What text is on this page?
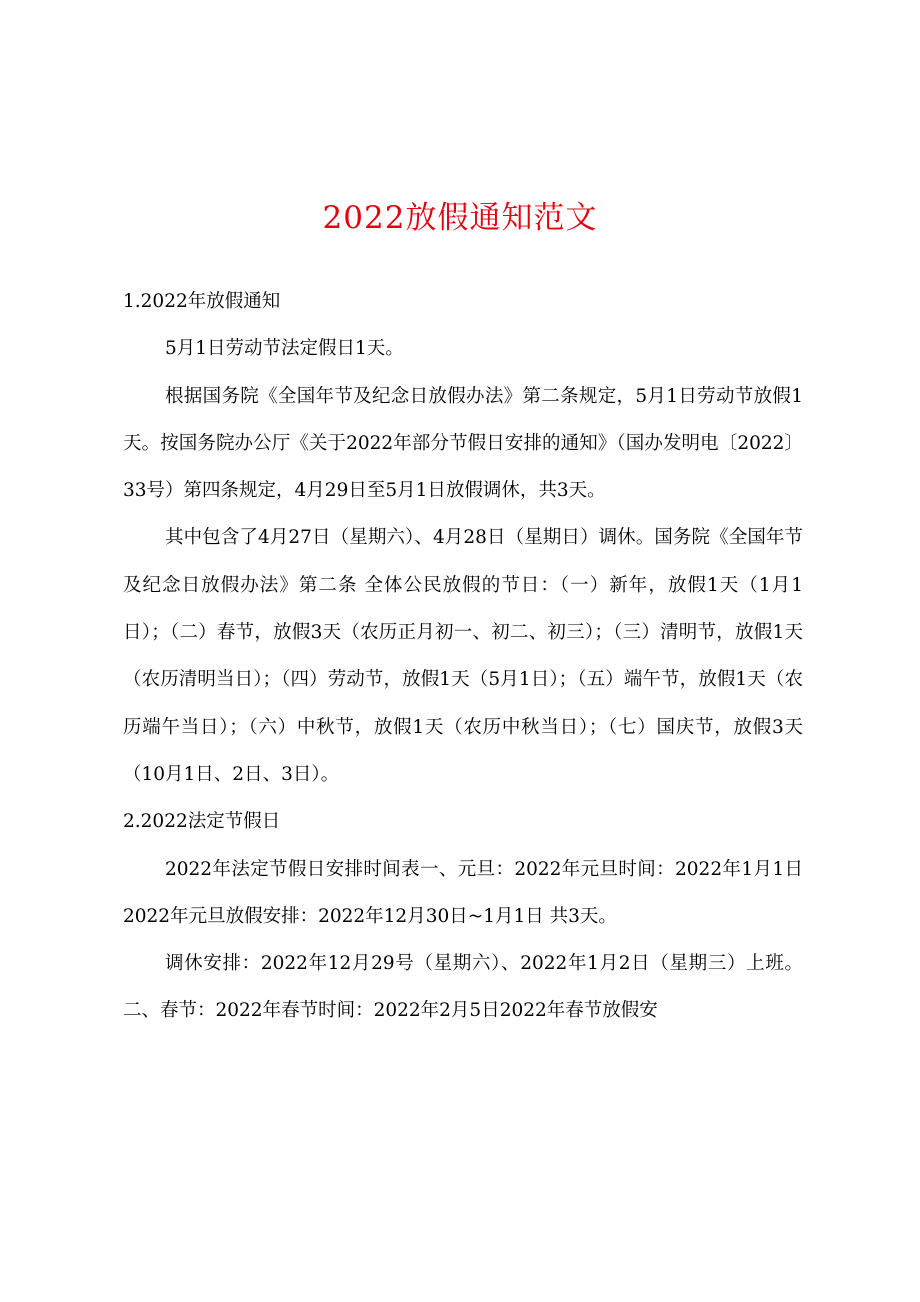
2022放假通知范文

1.2022年放假通知

5月1日劳动节法定假日1天。

根据国务院《全国年节及纪念日放假办法》第二条规定，5月1日劳动节放假1天。按国务院办公厅《关于2022年部分节假日安排的通知》（国办发明电〔2022〕33号）第四条规定，4月29日至5月1日放假调休，共3天。

其中包含了4月27日（星期六）、4月28日（星期日）调休。国务院《全国年节及纪念日放假办法》第二条 全体公民放假的节日：（一）新年，放假1天（1月1日）；（二）春节，放假3天（农历正月初一、初二、初三）；（三）清明节，放假1天（农历清明当日）；（四）劳动节，放假1天（5月1日）；（五）端午节，放假1天（农历端午当日）；（六）中秋节，放假1天（农历中秋当日）；（七）国庆节，放假3天（10月1日、2日、3日）。

2.2022法定节假日

2022年法定节假日安排时间表一、元旦：2022年元旦时间：2022年1月1日2022年元旦放假安排：2022年12月30日~1月1日 共3天。

调休安排：2022年12月29号（星期六）、2022年1月2日（星期三）上班。二、春节：2022年春节时间：2022年2月5日2022年春节放假安
